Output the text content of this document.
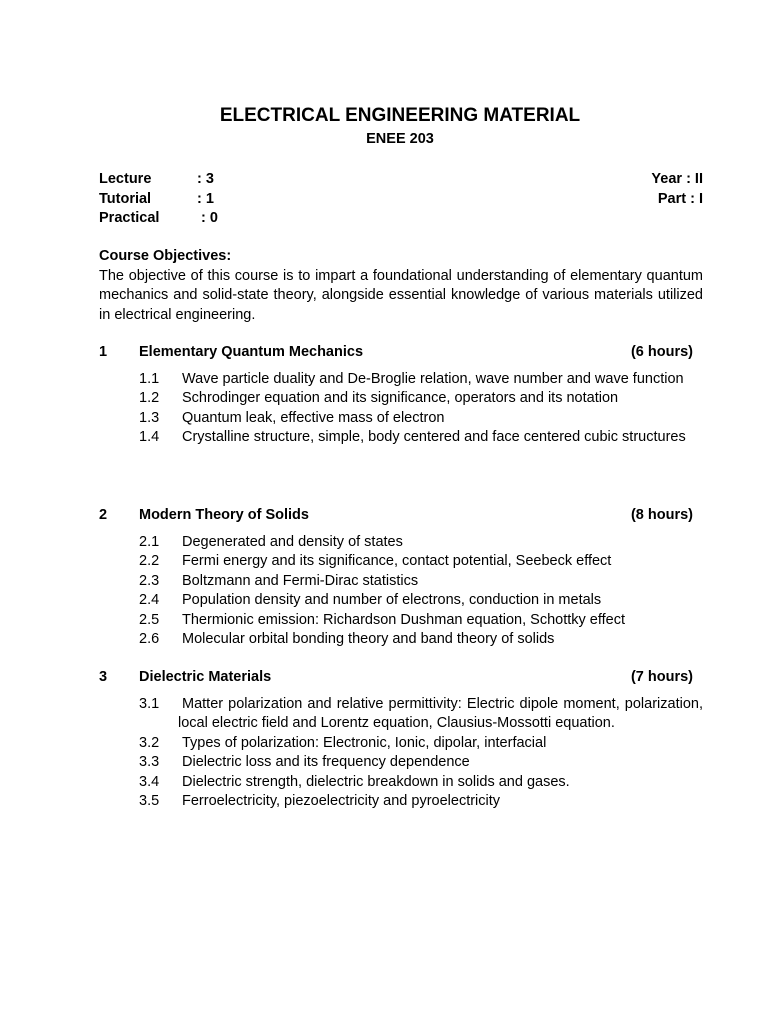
ELECTRICAL ENGINEERING MATERIAL
ENEE 203
Lecture	: 3
Tutorial	: 1
Practical	: 0
Year : II
Part : I
Course Objectives:
The objective of this course is to impart a foundational understanding of elementary quantum mechanics and solid-state theory, alongside essential knowledge of various materials utilized in electrical engineering.
1 Elementary Quantum Mechanics	(6 hours)
1.1 Wave particle duality and De-Broglie relation, wave number and wave function
1.2 Schrodinger equation and its significance, operators and its notation
1.3 Quantum leak, effective mass of electron
1.4 Crystalline structure, simple, body centered and face centered cubic structures
2 Modern Theory of Solids	(8 hours)
2.1 Degenerated and density of states
2.2 Fermi energy and its significance, contact potential, Seebeck effect
2.3 Boltzmann and Fermi-Dirac statistics
2.4 Population density and number of electrons, conduction in metals
2.5 Thermionic emission: Richardson Dushman equation, Schottky effect
2.6 Molecular orbital bonding theory and band theory of solids
3 Dielectric Materials	(7 hours)
3.1 Matter polarization and relative permittivity: Electric dipole moment, polarization, local electric field and Lorentz equation, Clausius-Mossotti equation.
3.2 Types of polarization: Electronic, Ionic, dipolar, interfacial
3.3 Dielectric loss and its frequency dependence
3.4 Dielectric strength, dielectric breakdown in solids and gases.
3.5 Ferroelectricity, piezoelectricity and pyroelectricity
